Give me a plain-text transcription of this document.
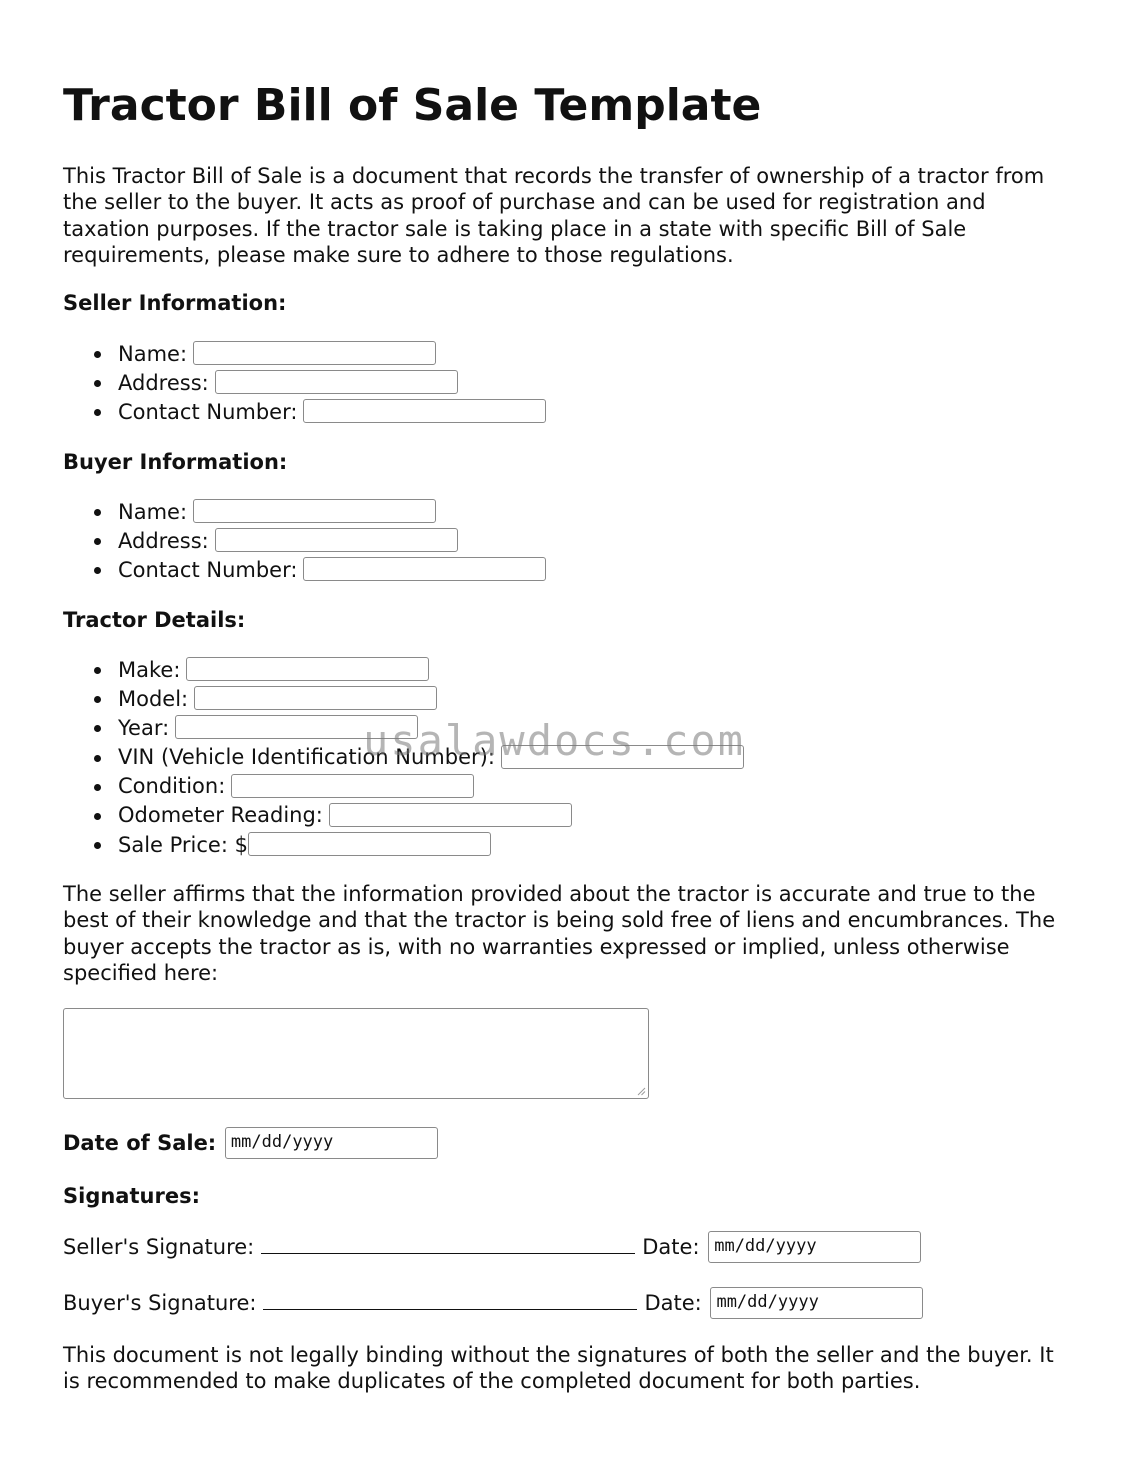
Tractor Bill of Sale Template

This Tractor Bill of Sale is a document that records the transfer of ownership of a tractor from the seller to the buyer. It acts as proof of purchase and can be used for registration and taxation purposes. If the tractor sale is taking place in a state with specific Bill of Sale requirements, please make sure to adhere to those regulations.

Seller Information:
Name:
Address:
Contact Number:
Buyer Information:
Name:
Address:
Contact Number:
Tractor Details:
Make:
Model:
Year:
VIN (Vehicle Identification Number):
Condition:
Odometer Reading:
Sale Price: $

The seller affirms that the information provided about the tractor is accurate and true to the best of their knowledge and that the tractor is being sold free of liens and encumbrances. The buyer accepts the tractor as is, with no warranties expressed or implied, unless otherwise specified here:

Date of Sale: mm/dd/yyyy
Signatures:
Seller's Signature:	Date: mm/dd/yyyy
Buyer's Signature:	Date: mm/dd/yyyy

This document is not legally binding without the signatures of both the seller and the buyer. It is recommended to make duplicates of the completed document for both parties.

usalawdocs.com
